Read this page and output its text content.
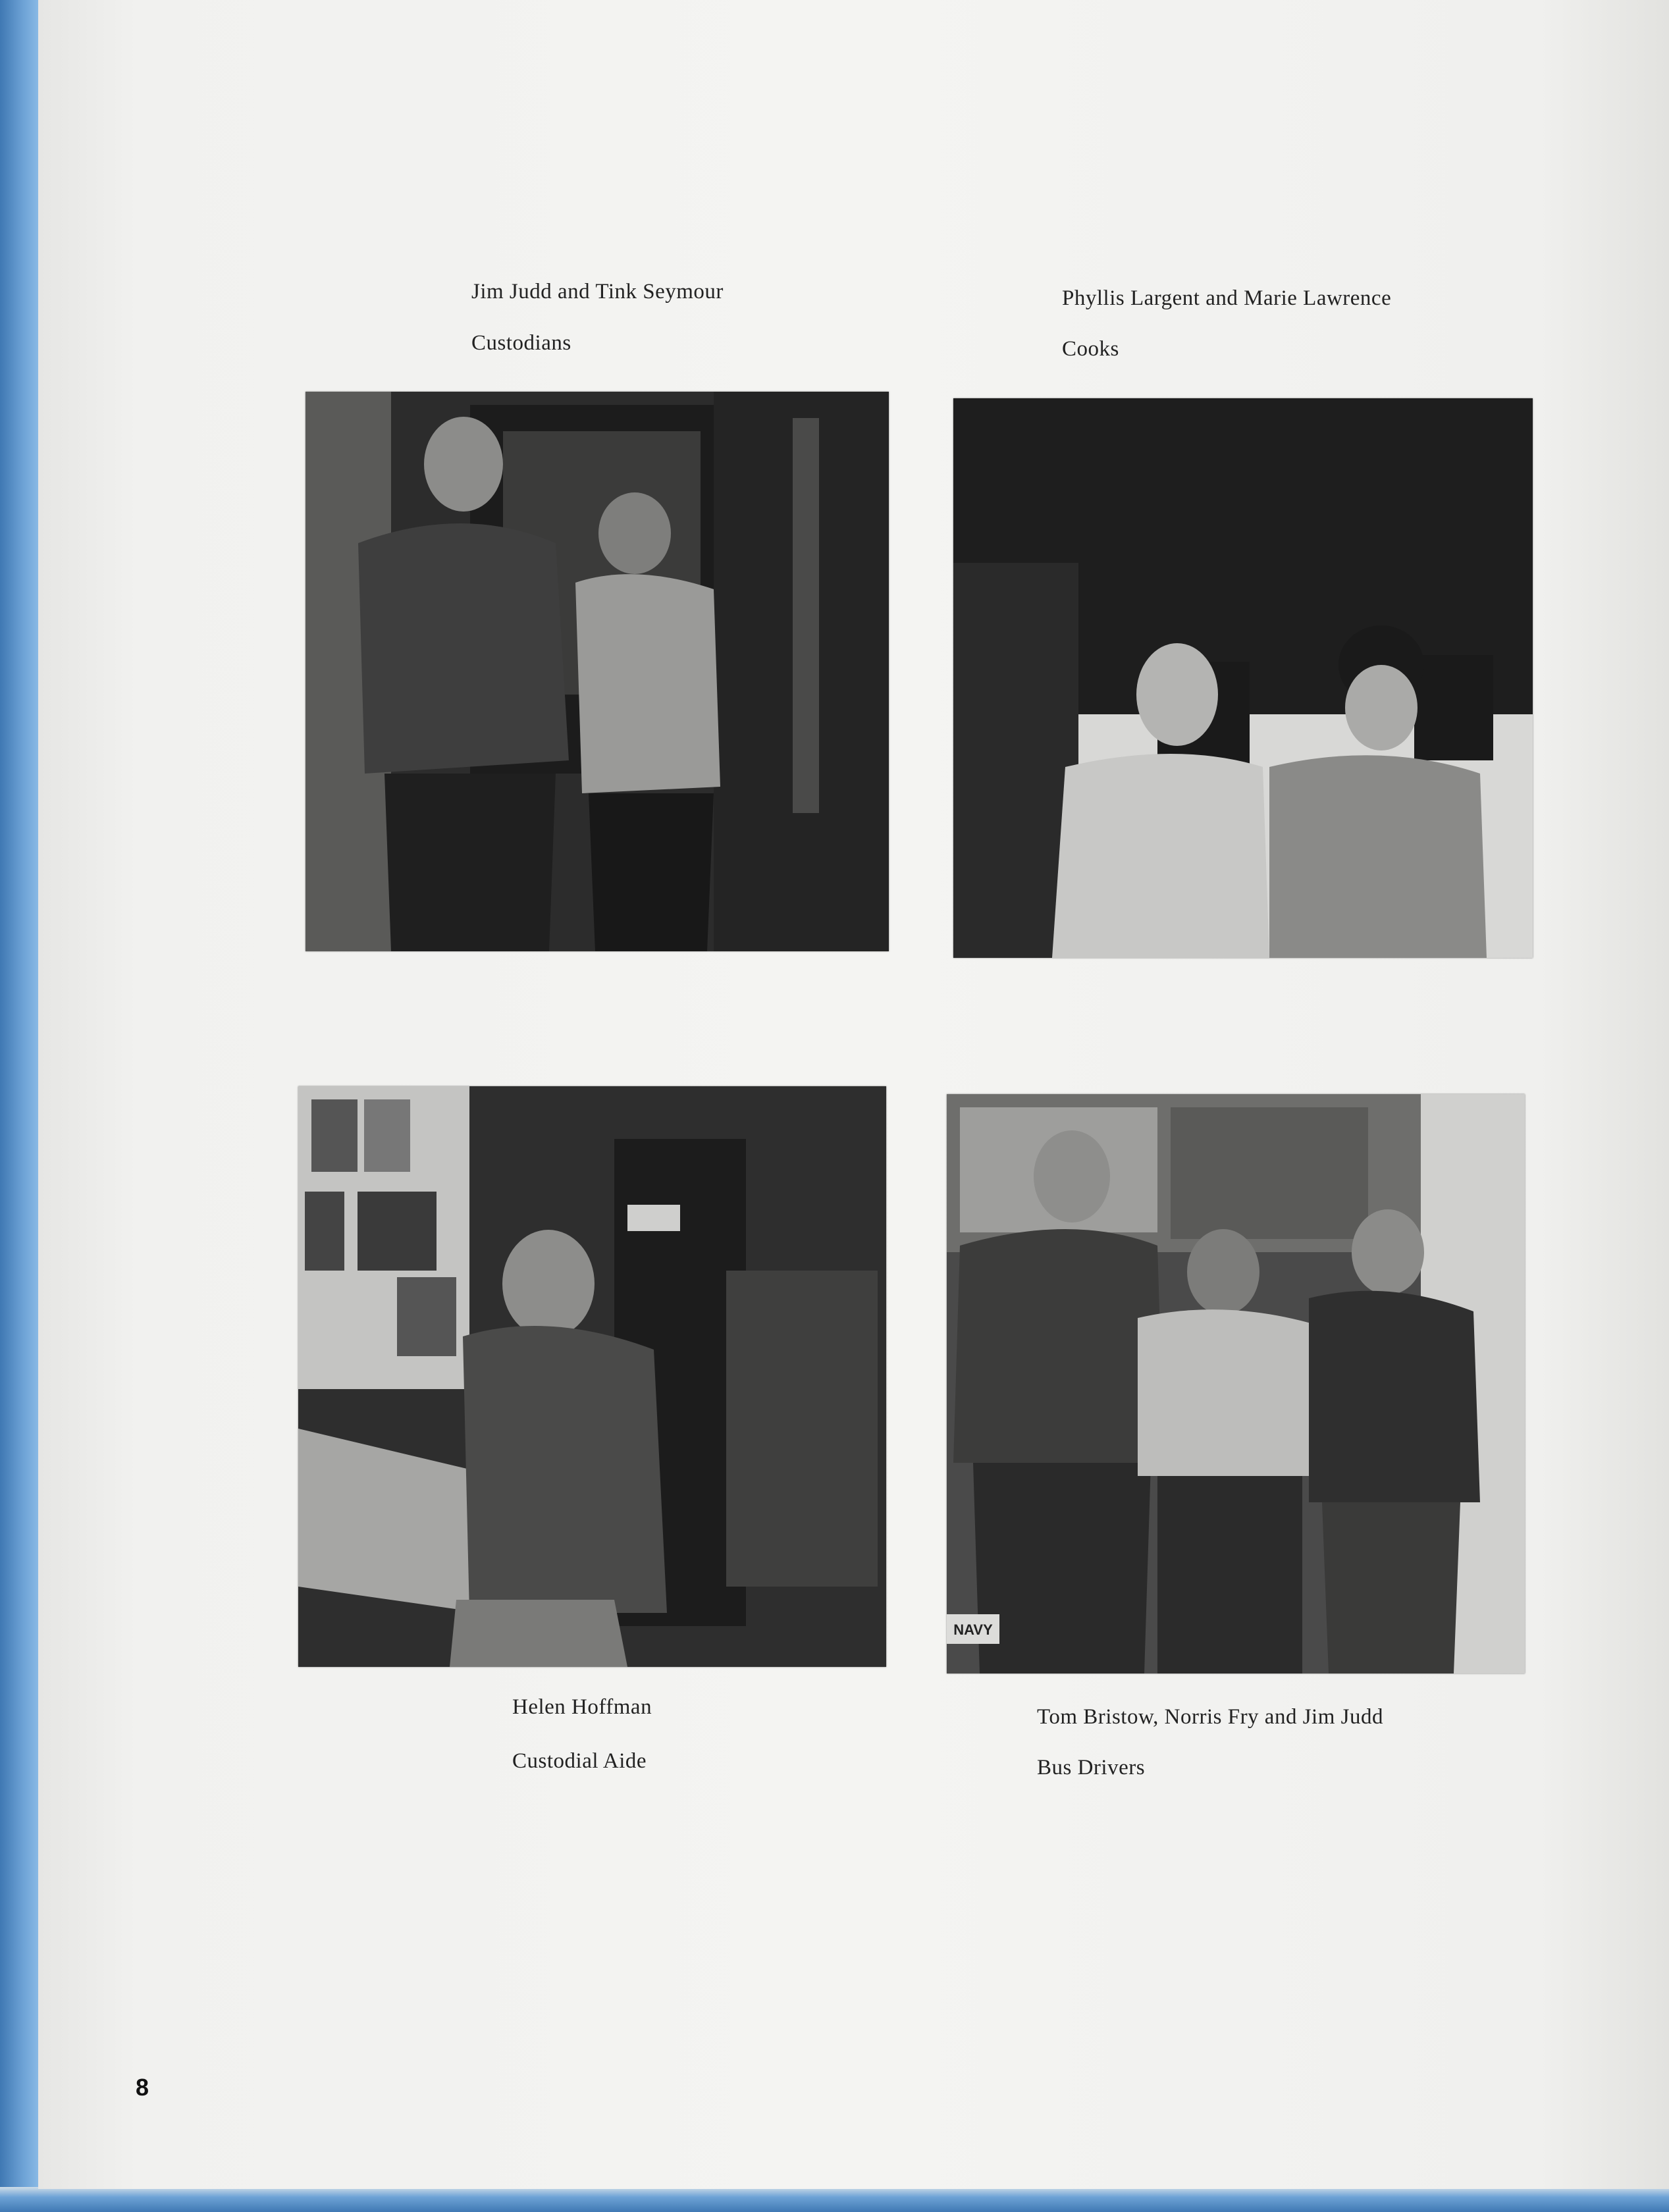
Jim Judd and Tink Seymour
Custodians
Phyllis Largent and Marie Lawrence
Cooks
NAVY
Helen Hoffman
Custodial Aide
Tom Bristow, Norris Fry and Jim Judd
Bus Drivers
8
